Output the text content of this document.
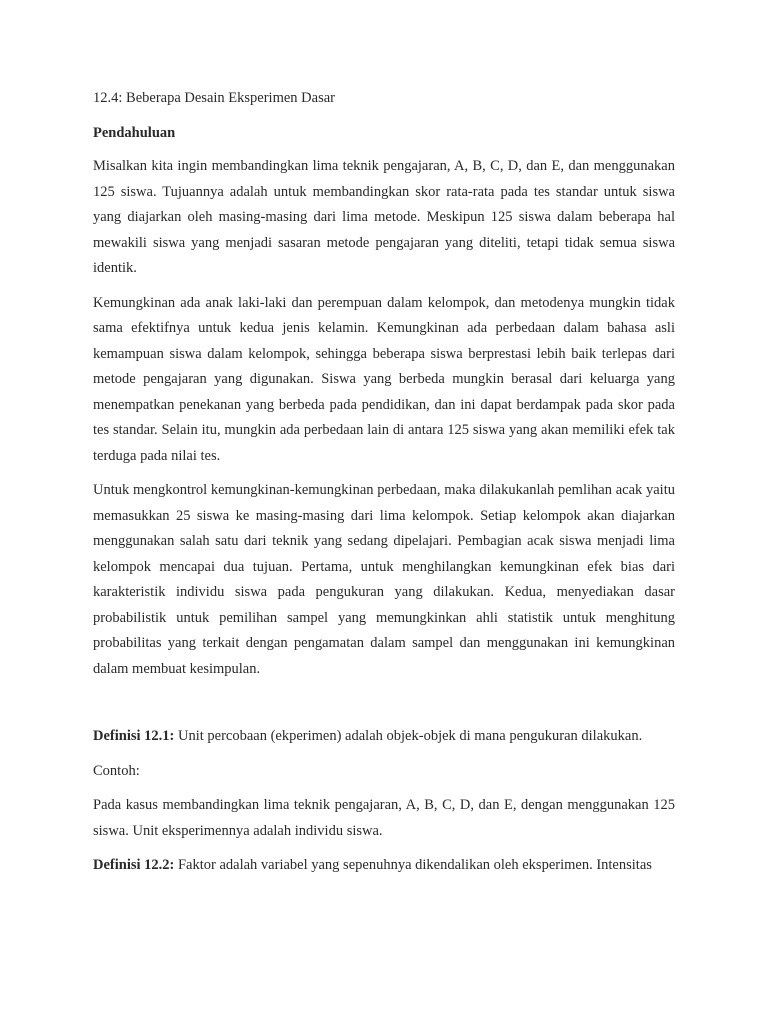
12.4: Beberapa Desain Eksperimen Dasar
Pendahuluan

Misalkan kita ingin membandingkan lima teknik pengajaran, A, B, C, D, dan E, dan menggunakan 125 siswa. Tujuannya adalah untuk membandingkan skor rata-rata pada tes standar untuk siswa yang diajarkan oleh masing-masing dari lima metode. Meskipun 125 siswa dalam beberapa hal mewakili siswa yang menjadi sasaran metode pengajaran yang diteliti, tetapi tidak semua siswa identik.

Kemungkinan ada anak laki-laki dan perempuan dalam kelompok, dan metodenya mungkin tidak sama efektifnya untuk kedua jenis kelamin. Kemungkinan ada perbedaan dalam bahasa asli kemampuan siswa dalam kelompok, sehingga beberapa siswa berprestasi lebih baik terlepas dari metode pengajaran yang digunakan. Siswa yang berbeda mungkin berasal dari keluarga yang menempatkan penekanan yang berbeda pada pendidikan, dan ini dapat berdampak pada skor pada tes standar. Selain itu, mungkin ada perbedaan lain di antara 125 siswa yang akan memiliki efek tak terduga pada nilai tes.

Untuk mengkontrol kemungkinan-kemungkinan perbedaan, maka dilakukanlah pemlihan acak yaitu memasukkan 25 siswa ke masing-masing dari lima kelompok. Setiap kelompok akan diajarkan menggunakan salah satu dari teknik yang sedang dipelajari. Pembagian acak siswa menjadi lima kelompok mencapai dua tujuan. Pertama, untuk menghilangkan kemungkinan efek bias dari karakteristik individu siswa pada pengukuran yang dilakukan. Kedua, menyediakan dasar probabilistik untuk pemilihan sampel yang memungkinkan ahli statistik untuk menghitung probabilitas yang terkait dengan pengamatan dalam sampel dan menggunakan ini kemungkinan dalam membuat kesimpulan.

Definisi 12.1: Unit percobaan (ekperimen) adalah objek-objek di mana pengukuran dilakukan.

Contoh:

Pada kasus membandingkan lima teknik pengajaran, A, B, C, D, dan E, dengan menggunakan 125 siswa. Unit eksperimennya adalah individu siswa.

Definisi 12.2: Faktor adalah variabel yang sepenuhnya dikendalikan oleh eksperimen. Intensitas
